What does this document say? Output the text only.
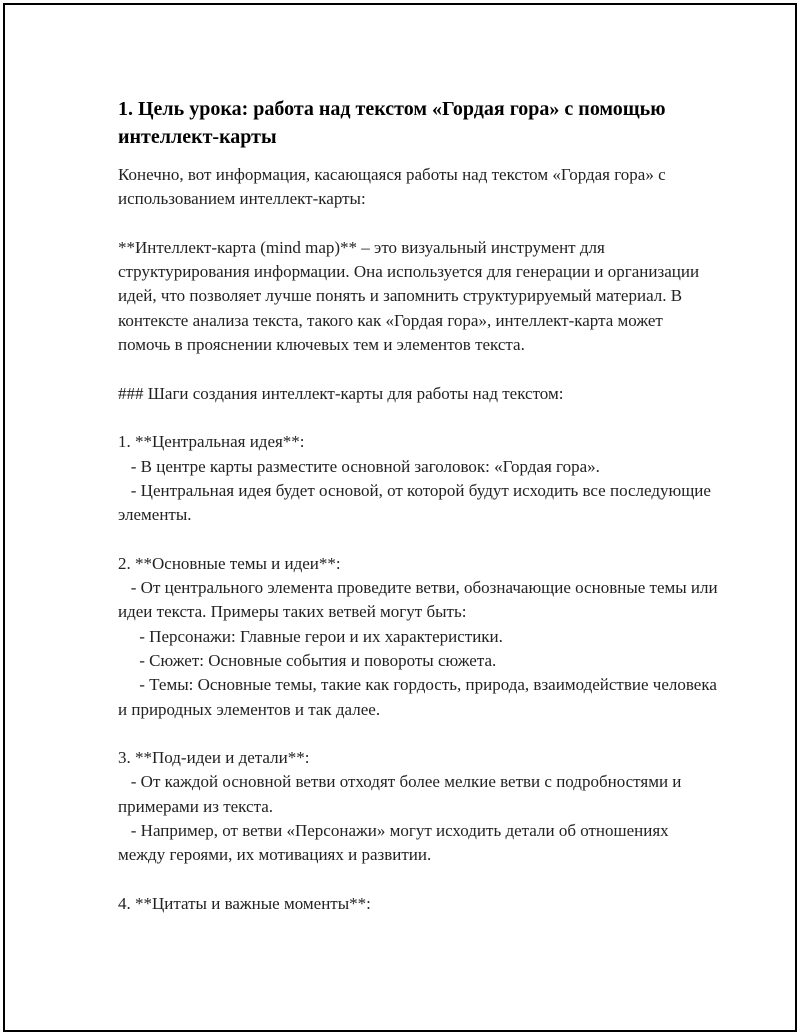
1. Цель урока: работа над текстом «Гордая гора» с помощью интеллект-карты
Конечно, вот информация, касающаяся работы над текстом «Гордая гора» с использованием интеллект-карты:

**Интеллект-карта (mind map)** – это визуальный инструмент для структурирования информации. Она используется для генерации и организации идей, что позволяет лучше понять и запомнить структурируемый материал. В контексте анализа текста, такого как «Гордая гора», интеллект-карта может помочь в прояснении ключевых тем и элементов текста.

### Шаги создания интеллект-карты для работы над текстом:

1. **Центральная идея**:
- В центре карты разместите основной заголовок: «Гордая гора».
- Центральная идея будет основой, от которой будут исходить все последующие элементы.

2. **Основные темы и идеи**:
- От центрального элемента проведите ветви, обозначающие основные темы или идеи текста. Примеры таких ветвей могут быть:
- Персонажи: Главные герои и их характеристики.
- Сюжет: Основные события и повороты сюжета.
- Темы: Основные темы, такие как гордость, природа, взаимодействие человека и природных элементов и так далее.

3. **Под-идеи и детали**:
- От каждой основной ветви отходят более мелкие ветви с подробностями и примерами из текста.
- Например, от ветви «Персонажи» могут исходить детали об отношениях между героями, их мотивациях и развитии.

4. **Цитаты и важные моменты**:
